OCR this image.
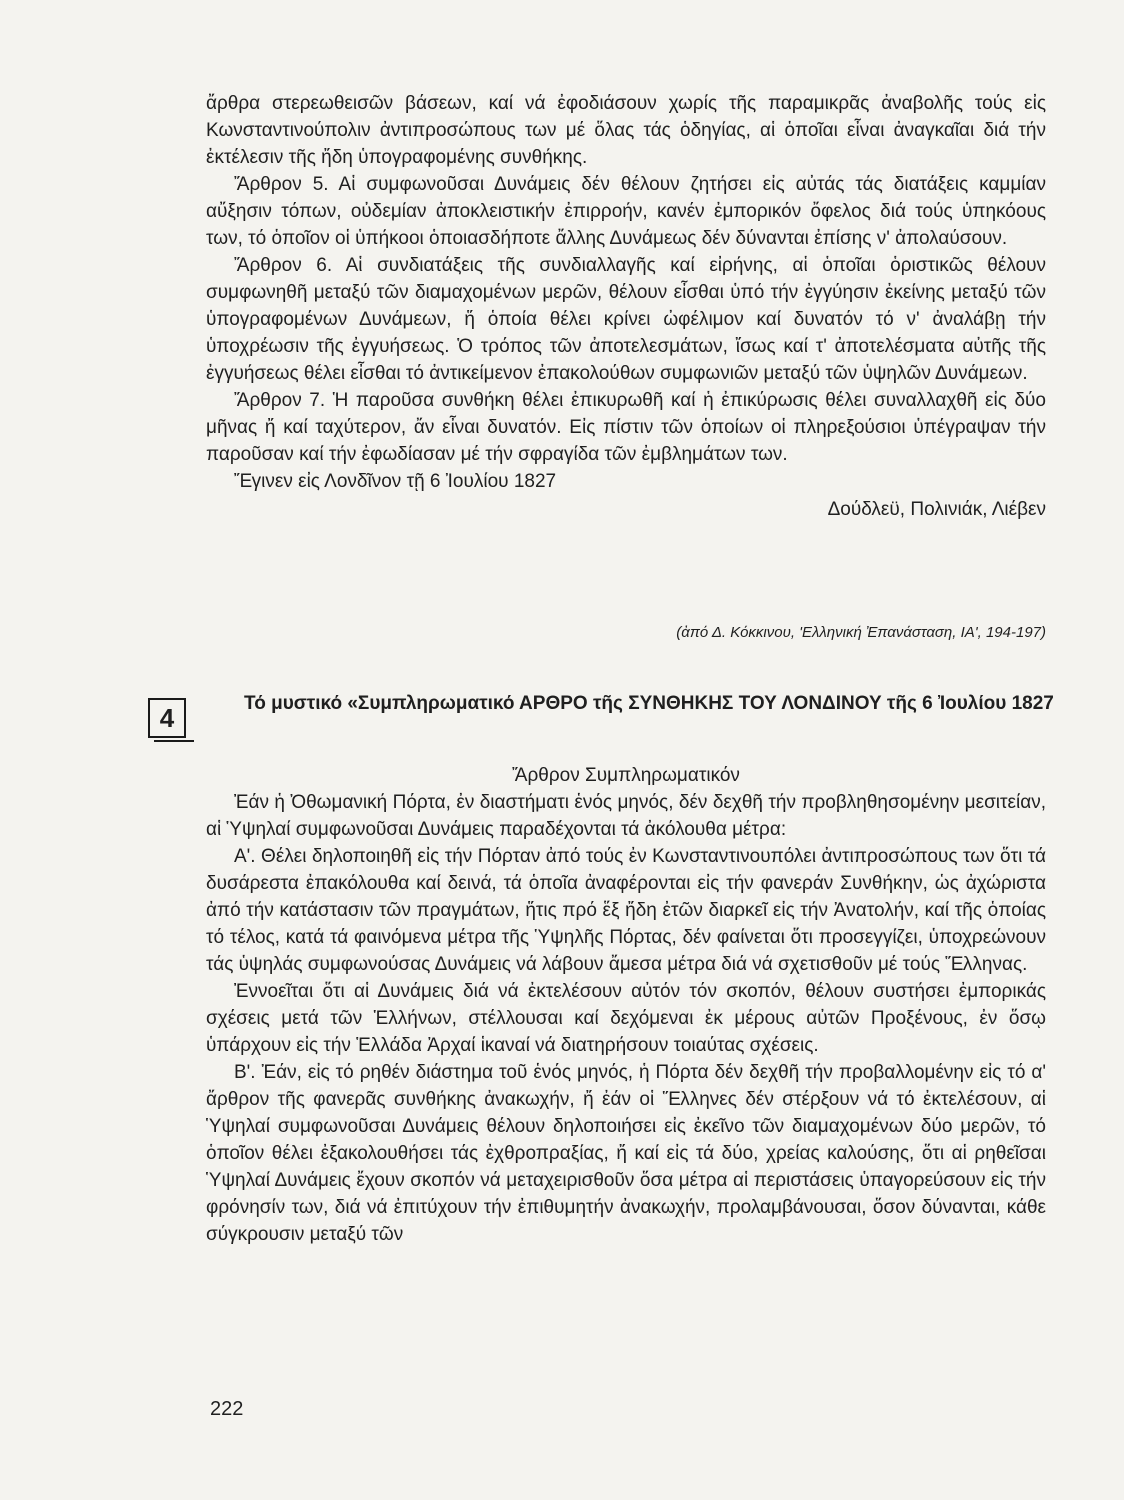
ἄρθρα στερεωθεισῶν βάσεων, καί νά ἐφοδιάσουν χωρίς τῆς παραμικρᾶς ἀναβολῆς τούς εἰς Κωνσταντινούπολιν ἀντιπροσώπους των μέ ὅλας τάς ὁδηγίας, αἱ ὁποῖαι εἶναι ἀναγκαῖαι διά τήν ἐκτέλεσιν τῆς ἤδη ὑπογραφομένης συνθήκης.

Ἄρθρον 5. Αἱ συμφωνοῦσαι Δυνάμεις δέν θέλουν ζητήσει εἰς αὐτάς τάς διατάξεις καμμίαν αὔξησιν τόπων, οὐδεμίαν ἀποκλειστικήν ἐπιρροήν, κανέν ἐμπορικόν ὄφελος διά τούς ὑπηκόους των, τό ὁποῖον οἱ ὑπήκοοι ὁποιασδήποτε ἄλλης Δυνάμεως δέν δύνανται ἐπίσης ν' ἀπολαύσουν.

Ἄρθρον 6. Αἱ συνδιατάξεις τῆς συνδιαλλαγῆς καί εἰρήνης, αἱ ὁποῖαι ὁριστικῶς θέλουν συμφωνηθῆ μεταξύ τῶν διαμαχομένων μερῶν, θέλουν εἶσθαι ὑπό τήν ἐγγύησιν ἐκείνης μεταξύ τῶν ὑπογραφομένων Δυνάμεων, ἥ ὁποία θέλει κρίνει ὠφέλιμον καί δυνατόν τό ν' ἀναλάβῃ τήν ὑποχρέωσιν τῆς ἐγγυήσεως. Ὁ τρόπος τῶν ἀποτελεσμάτων, ἴσως καί τ' ἀποτελέσματα αὐτῆς τῆς ἐγγυήσεως θέλει εἶσθαι τό ἀντικείμενον ἐπακολούθων συμφωνιῶν μεταξύ τῶν ὑψηλῶν Δυνάμεων.

Ἄρθρον 7. Ἡ παροῦσα συνθήκη θέλει ἐπικυρωθῆ καί ἡ ἐπικύρωσις θέλει συναλλαχθῆ εἰς δύο μῆνας ἤ καί ταχύτερον, ἄν εἶναι δυνατόν. Εἰς πίστιν τῶν ὁποίων οἱ πληρεξούσιοι ὑπέγραψαν τήν παροῦσαν καί τήν ἐφωδίασαν μέ τήν σφραγίδα τῶν ἐμβλημάτων των.

Ἔγινεν εἰς Λονδῖνον τῇ 6 Ἰουλίου 1827
Δούδλεϋ, Πολινιάκ, Λιέβεν
(ἀπό Δ. Κόκκινου, 'Ελληνική Ἐπανάσταση, ΙΑ', 194-197)
4	Τό μυστικό «Συμπληρωματικό ΑΡΘΡΟ τῆς ΣΥΝΘΗΚΗΣ ΤΟΥ ΛΟΝΔΙΝΟΥ τῆς 6 Ἰουλίου 1827

Ἄρθρον Συμπληρωματικόν

Ἐάν ἡ Ὀθωμανική Πόρτα, ἐν διαστήματι ἑνός μηνός, δέν δεχθῆ τήν προβληθησομένην μεσιτείαν, αἱ Ὑψηλαί συμφωνοῦσαι Δυνάμεις παραδέχονται τά ἀκόλουθα μέτρα:

Α'. Θέλει δηλοποιηθῆ εἰς τήν Πόρταν ἀπό τούς ἐν Κωνσταντινουπόλει ἀντιπροσώπους των ὅτι τά δυσάρεστα ἐπακόλουθα καί δεινά, τά ὁποῖα ἀναφέρονται εἰς τήν φανεράν Συνθήκην, ὡς ἀχώριστα ἀπό τήν κατάστασιν τῶν πραγμάτων, ἥτις πρό ἕξ ἤδη ἐτῶν διαρκεῖ εἰς τήν Ἀνατολήν, καί τῆς ὁποίας τό τέλος, κατά τά φαινόμενα μέτρα τῆς Ὑψηλῆς Πόρτας, δέν φαίνεται ὅτι προσεγγίζει, ὑποχρεώνουν τάς ὑψηλάς συμφωνούσας Δυνάμεις νά λάβουν ἄμεσα μέτρα διά νά σχετισθοῦν μέ τούς Ἕλληνας.

Ἐννοεῖται ὅτι αἱ Δυνάμεις διά νά ἐκτελέσουν αὐτόν τόν σκοπόν, θέλουν συστήσει ἐμπορικάς σχέσεις μετά τῶν Ἑλλήνων, στέλλουσαι καί δεχόμεναι ἐκ μέρους αὐτῶν Προξένους, ἐν ὅσῳ ὑπάρχουν εἰς τήν Ἑλλάδα Ἀρχαί ἱκαναί νά διατηρήσουν τοιαύτας σχέσεις.

Β'. Ἐάν, εἰς τό ρηθέν διάστημα τοῦ ἑνός μηνός, ἡ Πόρτα δέν δεχθῆ τήν προβαλλομένην εἰς τό α' ἄρθρον τῆς φανερᾶς συνθήκης ἀνακωχήν, ἤ ἐάν οἱ Ἕλληνες δέν στέρξουν νά τό ἐκτελέσουν, αἱ Ὑψηλαί συμφωνοῦσαι Δυνάμεις θέλουν δηλοποιήσει εἰς ἐκεῖνο τῶν διαμαχομένων δύο μερῶν, τό ὁποῖον θέλει ἐξακολουθήσει τάς ἐχθροπραξίας, ἤ καί εἰς τά δύο, χρείας καλούσης, ὅτι αἱ ρηθεῖσαι Ὑψηλαί Δυνάμεις ἔχουν σκοπόν νά μεταχειρισθοῦν ὅσα μέτρα αἱ περιστάσεις ὑπαγορεύσουν εἰς τήν φρόνησίν των, διά νά ἐπιτύχουν τήν ἐπιθυμητήν ἀνακωχήν, προλαμβάνουσαι, ὅσον δύνανται, κάθε σύγκρουσιν μεταξύ τῶν

222
